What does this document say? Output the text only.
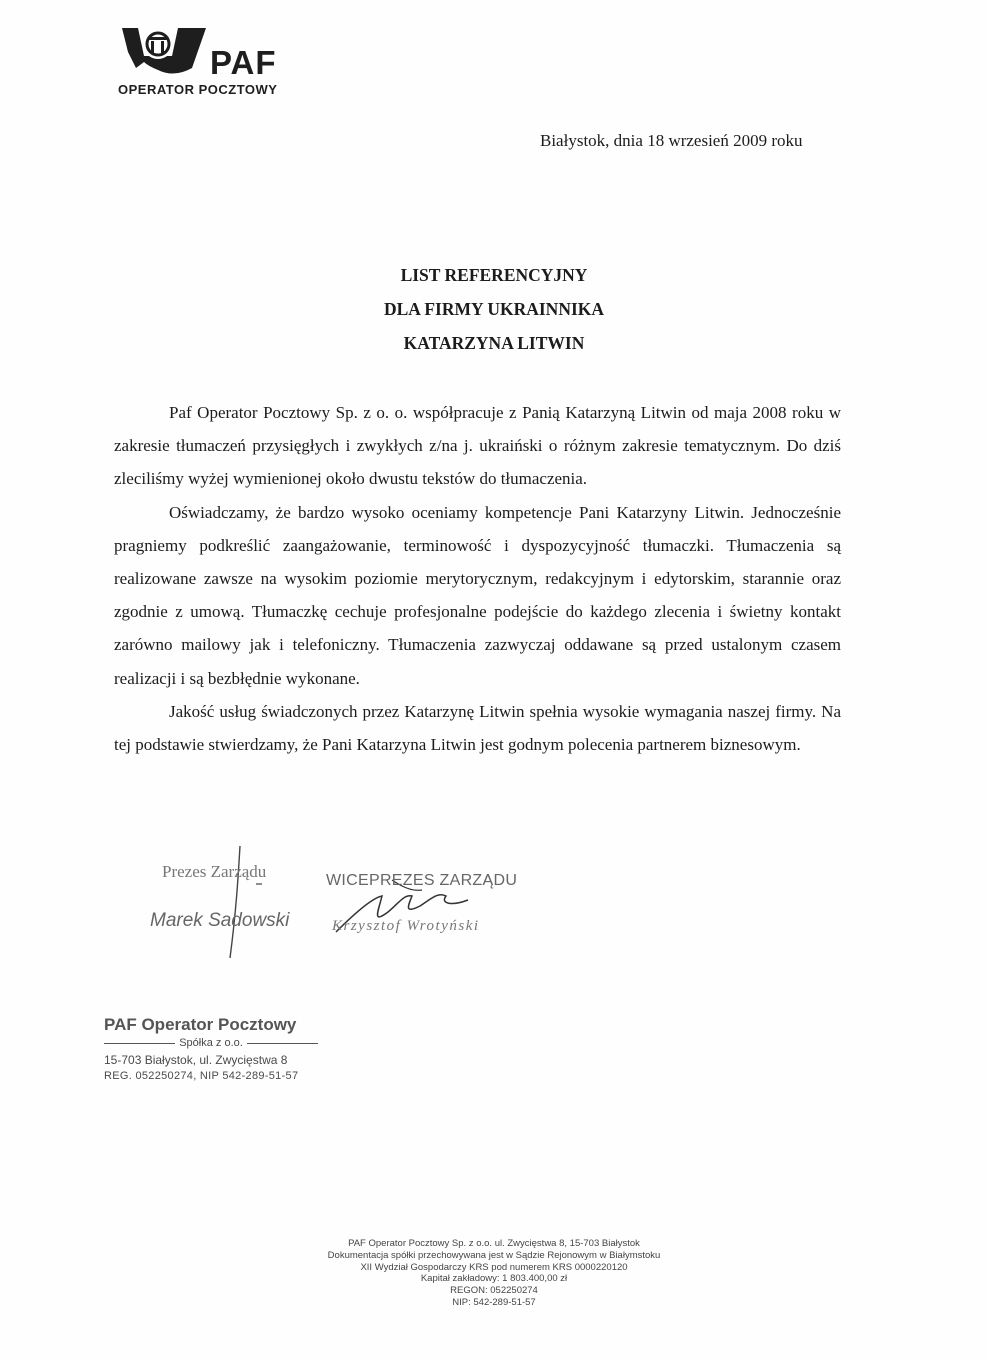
PAF
OPERATOR POCZTOWY
Białystok, dnia 18 wrzesień 2009 roku
LIST REFERENCYJNY
DLA FIRMY UKRAINNIKA
KATARZYNA LITWIN

Paf Operator Pocztowy Sp. z o. o. współpracuje z Panią Katarzyną Litwin od maja 2008 roku w zakresie tłumaczeń przysięgłych i zwykłych z/na j. ukraiński o różnym zakresie tematycznym. Do dziś zleciliśmy wyżej wymienionej około dwustu tekstów do tłumaczenia.

Oświadczamy, że bardzo wysoko oceniamy kompetencje Pani Katarzyny Litwin. Jednocześnie pragniemy podkreślić zaangażowanie, terminowość i dyspozycyjność tłumaczki. Tłumaczenia są realizowane zawsze na wysokim poziomie merytorycznym, redakcyjnym i edytorskim, starannie oraz zgodnie z umową. Tłumaczkę cechuje profesjonalne podejście do każdego zlecenia i świetny kontakt zarówno mailowy jak i telefoniczny. Tłumaczenia zazwyczaj oddawane są przed ustalonym czasem realizacji i są bezbłędnie wykonane.

Jakość usług świadczonych przez Katarzynę Litwin spełnia wysokie wymagania naszej firmy. Na tej podstawie stwierdzamy, że Pani Katarzyna Litwin jest godnym polecenia partnerem biznesowym.

Prezes Zarządu
Marek Sadowski
WICEPREZES ZARZĄDU
Krzysztof Wrotyński
PAF Operator Pocztowy
Spółka z o.o.
15-703 Białystok, ul. Zwycięstwa 8
REG. 052250274, NIP 542-289-51-57
PAF Operator Pocztowy Sp. z o.o. ul. Zwycięstwa 8, 15-703 Białystok
Dokumentacja spółki przechowywana jest w Sądzie Rejonowym w Białymstoku
XII Wydział Gospodarczy KRS pod numerem KRS 0000220120
Kapitał zakładowy: 1 803.400,00 zł
REGON: 052250274
NIP: 542-289-51-57
